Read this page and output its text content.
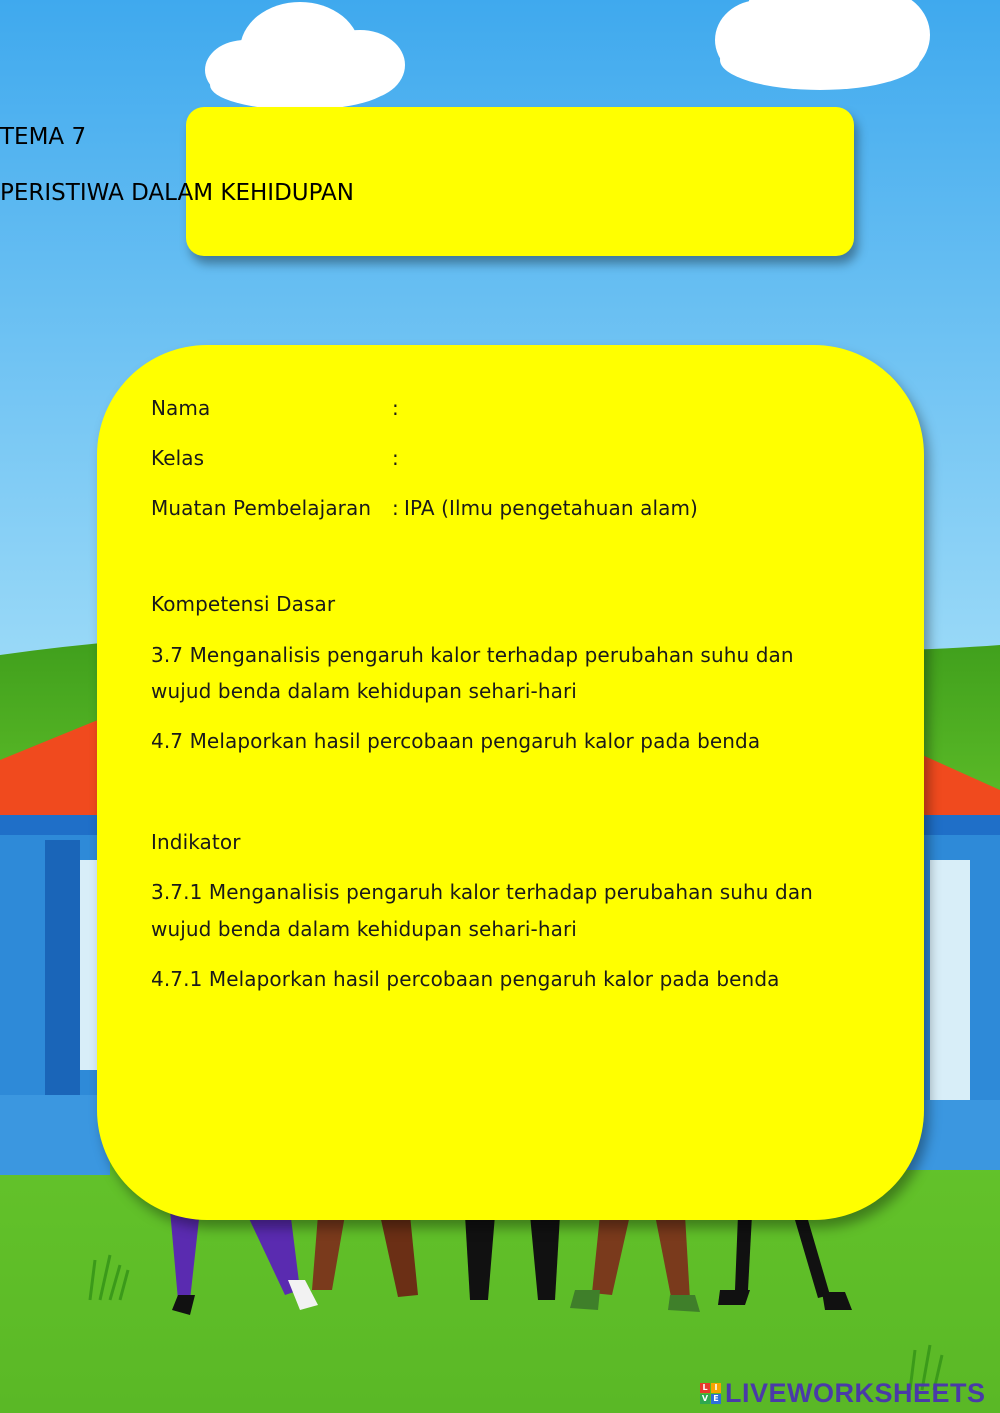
TEMA 7
PERISTIWA DALAM KEHIDUPAN
Nama	:
Kelas	:
Muatan Pembelajaran : IPA (Ilmu pengetahuan alam)
Kompetensi Dasar
3.7 Menganalisis pengaruh kalor terhadap perubahan suhu dan
wujud benda dalam kehidupan sehari-hari
4.7 Melaporkan hasil percobaan pengaruh kalor pada benda
Indikator
3.7.1 Menganalisis pengaruh kalor terhadap perubahan suhu dan
wujud benda dalam kehidupan sehari-hari
4.7.1 Melaporkan hasil percobaan pengaruh kalor pada benda
L I
V E LIVEWORKSHEETS
